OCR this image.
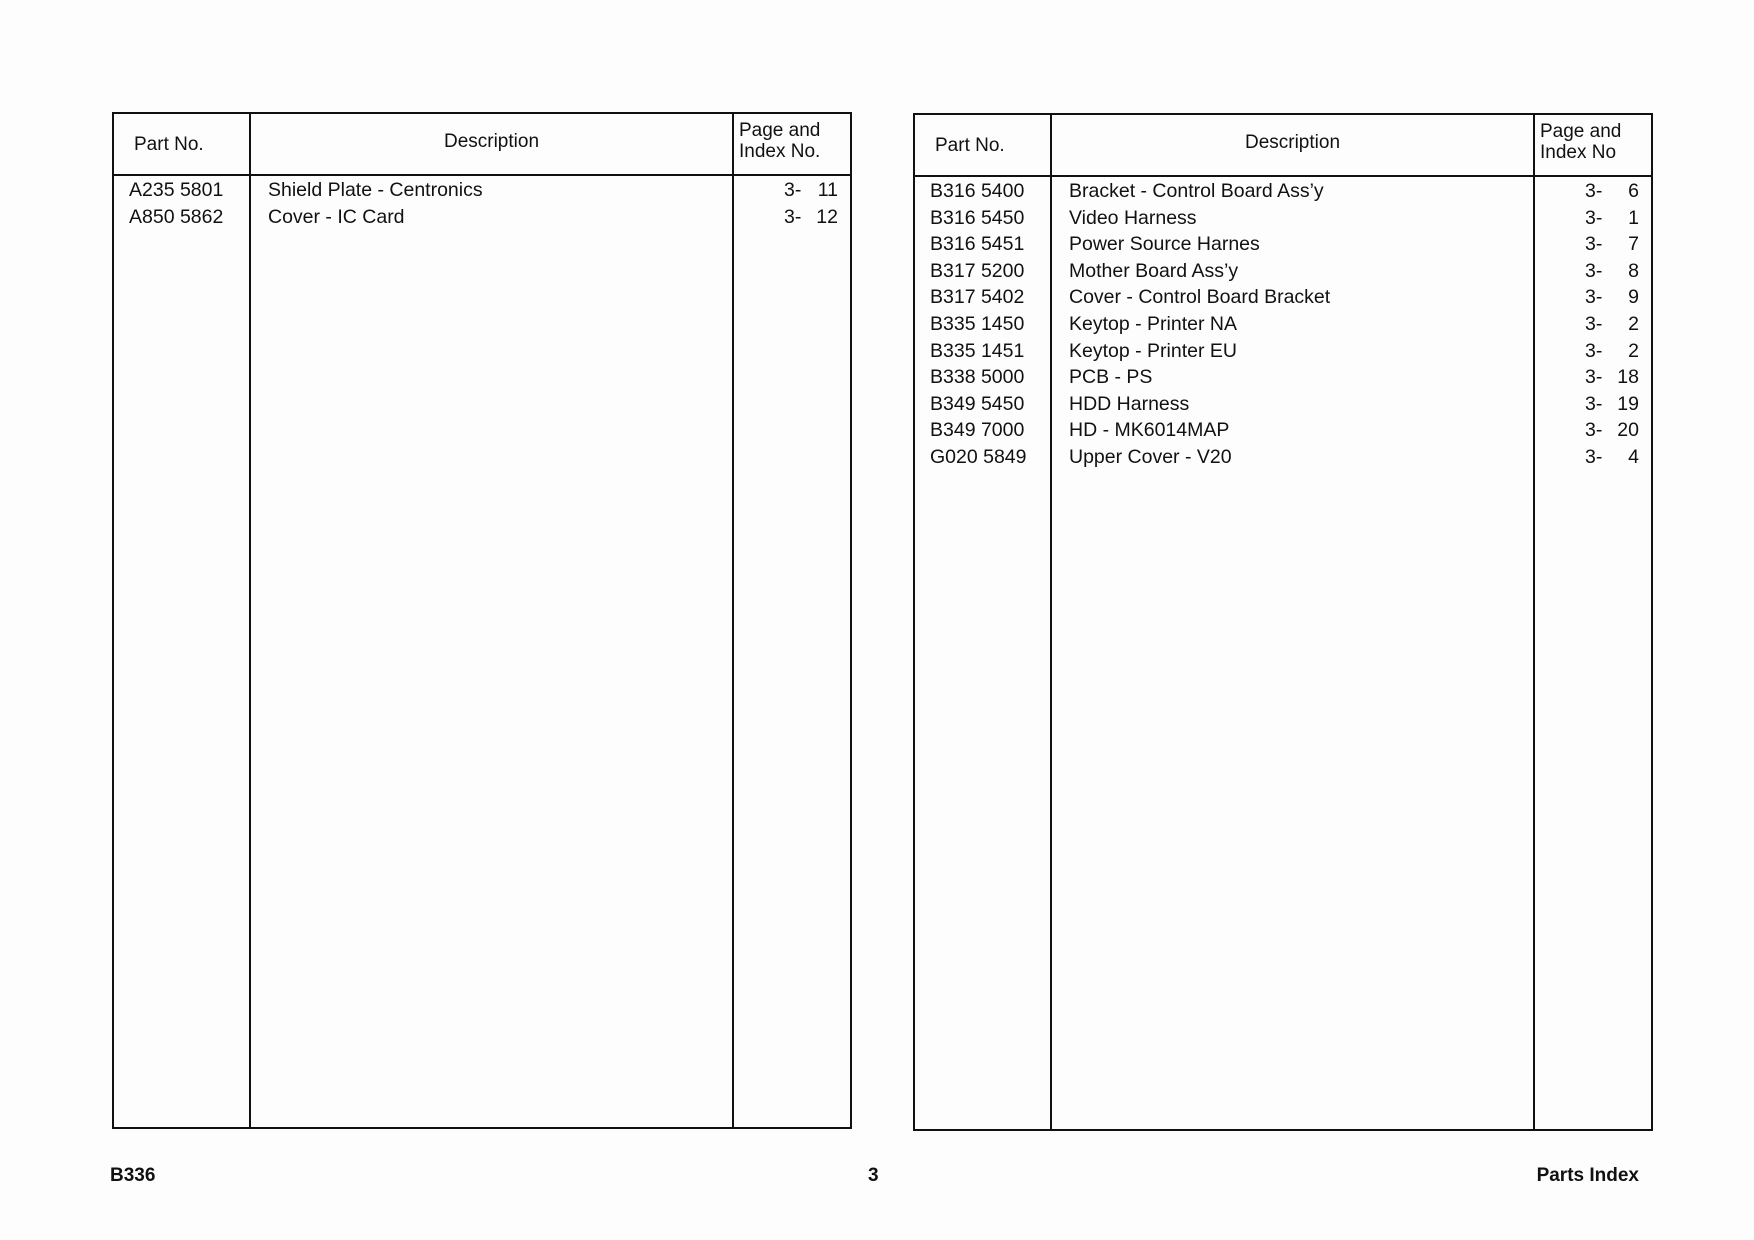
Part No.	Description
Page and
Index No.
A235 5801 Shield Plate - Centronics	3- 11
A850 5862 Cover - IC Card	3- 12
Part No.	Description
Page and
Index No
B316 5400 Bracket - Control Board Ass’y	3- 6
B316 5450 Video Harness	3- 1
B316 5451 Power Source Harnes	3- 7
B317 5200 Mother Board Ass’y	3- 8
B317 5402 Cover - Control Board Bracket	3- 9
B335 1450 Keytop - Printer NA	3- 2
B335 1451 Keytop - Printer EU	3- 2
B338 5000 PCB - PS	3- 18
B349 5450 HDD Harness	3- 19
B349 7000 HD - MK6014MAP	3- 20
G020 5849 Upper Cover - V20	3- 4
B336	3	Parts Index
